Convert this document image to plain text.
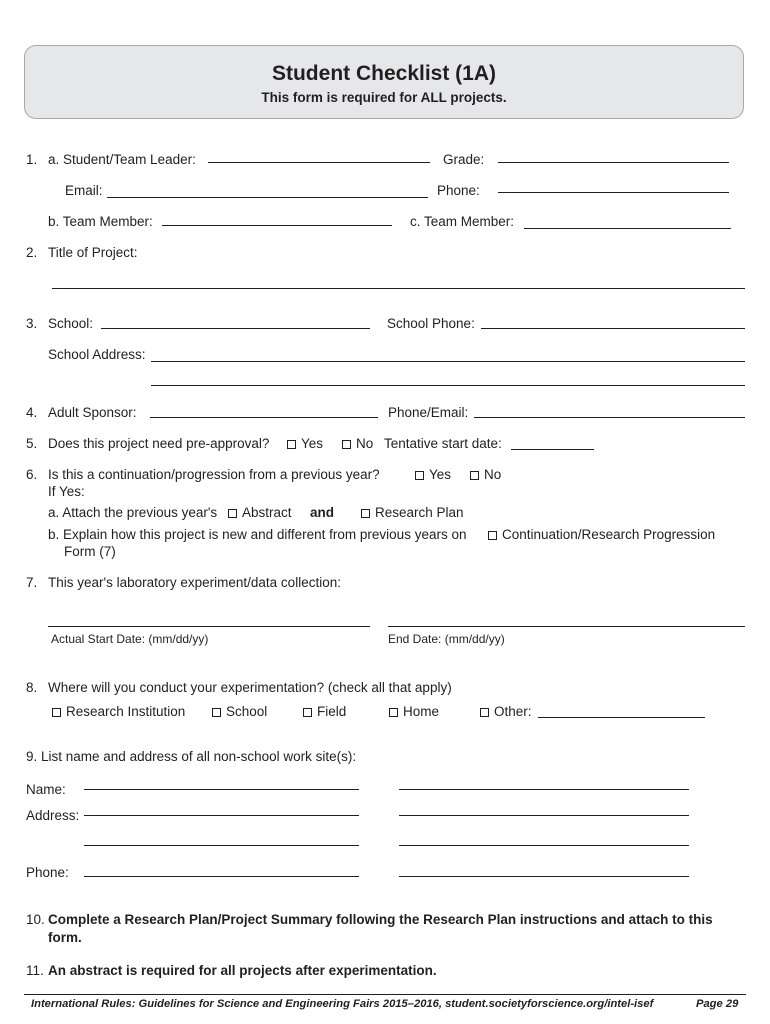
Student Checklist (1A)
This form is required for ALL projects.
1. a. Student/Team Leader:	Grade:
Email:	Phone:
b. Team Member:	c. Team Member:
2. Title of Project:
3. School:	School Phone:
School Address:
4. Adult Sponsor:	Phone/Email:
5. Does this project need pre-approval?	Yes	No Tentative start date:
6. Is this a continuation/progression from a previous year?	Yes	No
If Yes:
a. Attach the previous year's	Abstract and	Research Plan
b. Explain how this project is new and different from previous years on	Continuation/Research Progression
Form (7)
7. This year's laboratory experiment/data collection:
Actual Start Date: (mm/dd/yy)	End Date: (mm/dd/yy)
8. Where will you conduct your experimentation? (check all that apply)
Research Institution	School	Field	Home	Other:
9. List name and address of all non-school work site(s):
Name:
Address:
Phone:
10. Complete a Research Plan/Project Summary following the Research Plan instructions and attach to this
form.
11. An abstract is required for all projects after experimentation.
International Rules: Guidelines for Science and Engineering Fairs 2015–2016, student.societyforscience.org/intel-isef	Page 29
